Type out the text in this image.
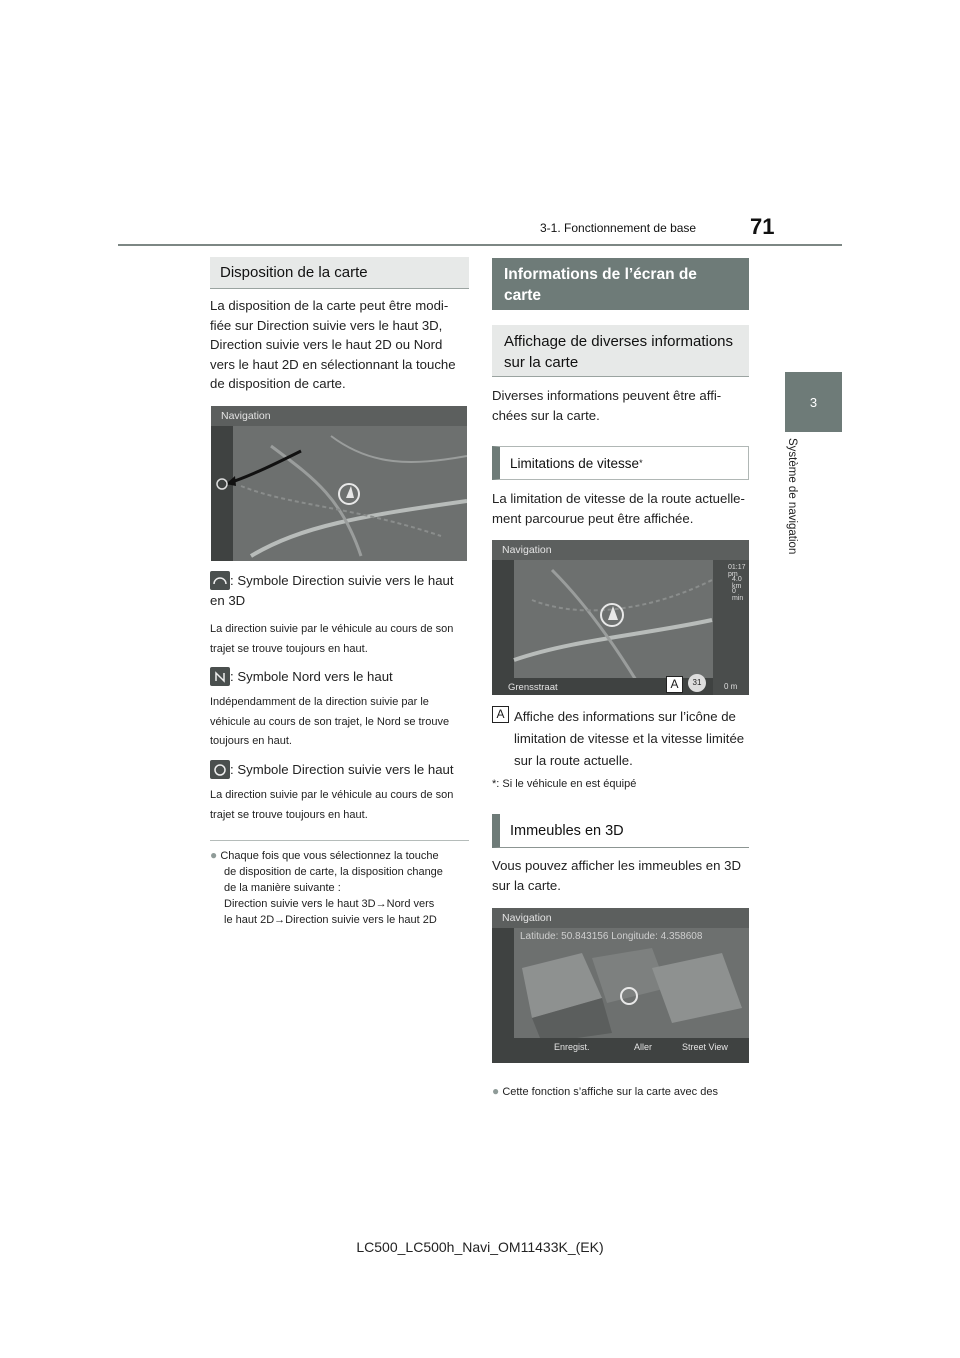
3-1. Fonctionnement de base 71
3
Système de navigation
Disposition de la carte
La disposition de la carte peut être modi-fiée sur Direction suivie vers le haut 3D, Direction suivie vers le haut 2D ou Nord vers le haut 2D en sélectionnant la touche de disposition de carte.
Navigation
: Symbole Direction suivie vers le haut en 3D
La direction suivie par le véhicule au cours de son trajet se trouve toujours en haut.
: Symbole Nord vers le haut
Indépendamment de la direction suivie par le véhicule au cours de son trajet, le Nord se trouve toujours en haut.
: Symbole Direction suivie vers le haut
La direction suivie par le véhicule au cours de son trajet se trouve toujours en haut.
● Chaque fois que vous sélectionnez la touche
de disposition de carte, la disposition change
de la manière suivante :
Direction suivie vers le haut 3D→Nord vers
le haut 2D→Direction suivie vers le haut 2D
Informations de l’écran de carte
Affichage de diverses informations sur la carte
Diverses informations peuvent être affi-chées sur la carte.
Limitations de vitesse *
La limitation de vitesse de la route actuelle-ment parcourue peut être affichée.
Navigation
01:17 pm
4.0 km
0 min
Grensstraat	A	31	0 m
A Affiche des informations sur l’icône de limitation de vitesse et la vitesse limitée sur la route actuelle.
*: Si le véhicule en est équipé
Immeubles en 3D
Vous pouvez afficher les immeubles en 3D sur la carte.
Navigation
Latitude: 50.843156 Longitude: 4.358608
Enregist.	Aller	Street View
● Cette fonction s’affiche sur la carte avec des
LC500_LC500h_Navi_OM11433K_(EK)
